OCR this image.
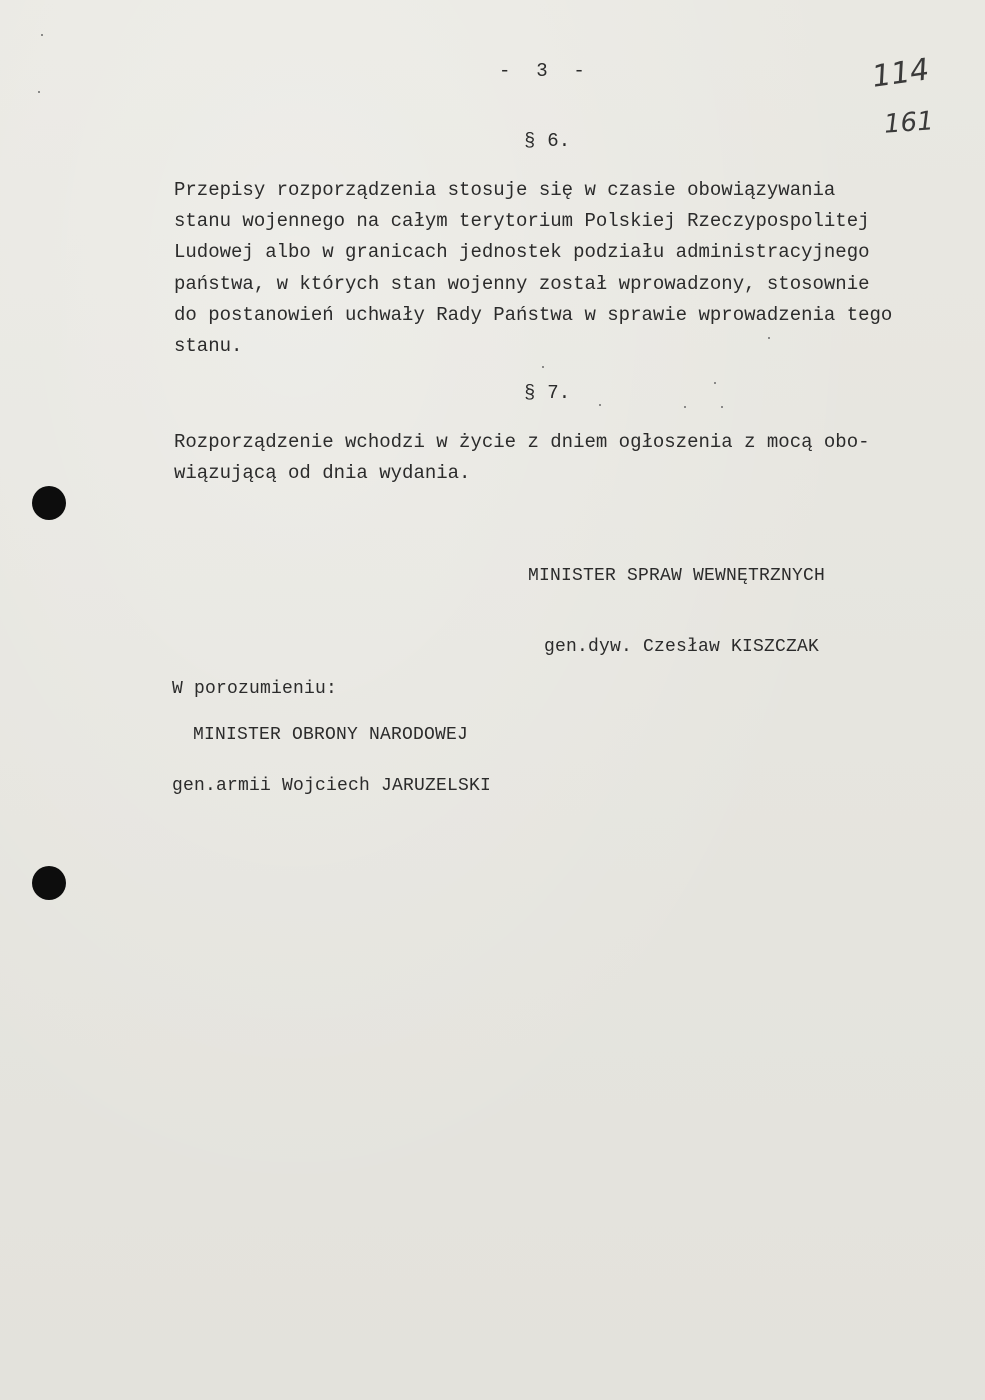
- 3 -	114
161
§ 6.
Przepisy rozporządzenia stosuje się w czasie obowiązywania
stanu wojennego na całym terytorium Polskiej Rzeczypospolitej
Ludowej albo w granicach jednostek podziału administracyjnego
państwa, w których stan wojenny został wprowadzony, stosownie
do postanowień uchwały Rady Państwa w sprawie wprowadzenia tego
stanu.
§ 7.
Rozporządzenie wchodzi w życie z dniem ogłoszenia z mocą obo-
wiązującą od dnia wydania.
MINISTER SPRAW WEWNĘTRZNYCH
gen.dyw. Czesław KISZCZAK
W porozumieniu:
MINISTER OBRONY NARODOWEJ
gen.armii Wojciech JARUZELSKI
